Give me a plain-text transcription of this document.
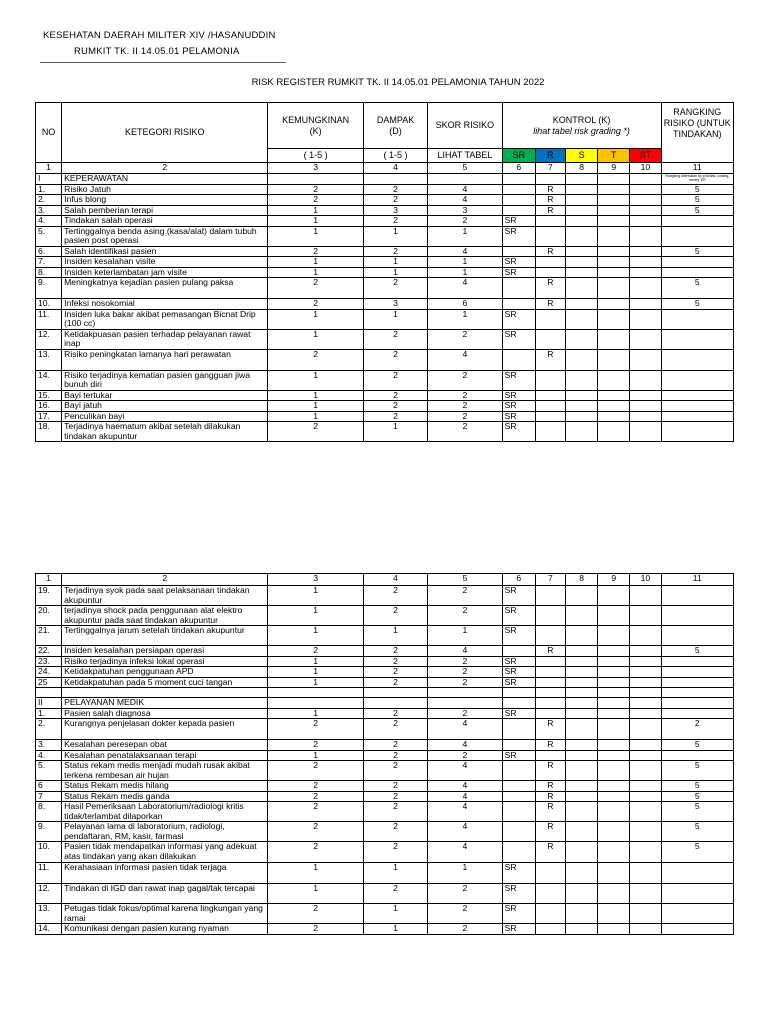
KESEHATAN DAERAH MILITER XIV /HASANUDDIN
RUMKIT TK. II 14.05.01 PELAMONIA
RISK REGISTER RUMKIT TK. II 14.05.01 PELAMONIA TAHUN 2022
NO	KETEGORI RISIKO	KEMUNGKINAN (K)	DAMPAK (D)	SKOR RISIKO	KONTROL (K)
lihat tabel risk grading *)					RANGKING RISIKO (UNTUK TINDAKAN)
		( 1-5 )	( 1-5 )	LIHAT TABEL	SR	R	S	T	ST	
1	2	3	4	5	6	7	8	9	10	11
I	KEPERAWATAN									Rangking ditentukan by prioritas: costing, money, ER
1.	Risiko Jatuh	2	2	4		R				5
2.	Infus blong	2	2	4		R				5
3.	Salah pemberian terapi	1	3	3		R				5
4.	Tindakan salah operasi	1	2	2	SR					
5.	Tertinggalnya benda asing (kasa/alat) dalam tubuh pasien post operasi	1	1	1	SR					
6.	Salah identifikasi pasien	2	2	4		R				5
7.	Insiden kesalahan visite	1	1	1	SR					
8.	Insiden keterlambatan jam visite	1	1	1	SR					
9.	Meningkatnya kejadian pasien pulang paksa	2	2	4		R				5
10.	Infeksi nosokomial	2	3	6		R				5
11.	Insiden luka bakar akibat pemasangan Bicnat Drip (100 cc)	1	1	1	SR					
12.	Ketidakpuasan pasien terhadap pelayanan rawat inap	1	2	2	SR					
13.	Risiko peningkatan lamanya hari perawatan	2	2	4		R				
14.	Risiko terjadinya kematian pasien gangguan jiwa bunuh diri	1	2	2	SR					
15.	Bayi tertukar	1	2	2	SR					
16.	Bayi jatuh	1	2	2	SR					
17.	Penculikan bayi	1	2	2	SR					
18.	Terjadinya haematum akibat setelah dilakukan tindakan akupuntur	2	1	2	SR					
1	2	3	4	5	6	7	8	9	10	11
19.	Terjadinya syok pada saat pelaksanaan tindakan akupuntur	1	2	2	SR					
20.	terjadinya shock pada penggunaan alat elektro akupuntur pada saat tindakan akupuntur	1	2	2	SR					
21.	Tertinggalnya jarum setelah tindakan akupuntur	1	1	1	SR					
22.	Insiden kesalahan persiapan operasi	2	2	4		R				5
23.	Risiko terjadinya infeksi lokal operasi	1	2	2	SR					
24.	Ketidakpatuhan penggunaan APD	1	2	2	SR					
25	Ketidakpatuhan pada 5 moment cuci tangan	1	2	2	SR					

II	PELAYANAN MEDIK									
1.	Pasien salah diagnosa	1	2	2	SR					
2.	Kurangnya penjelasan dokter kepada pasien	2	2	4		R				2
3.	Kesalahan peresepan obat	2	2	4		R				5
4.	Kesalahan penatalaksanaan terapi	1	2	2	SR					
5.	Status rekam medis menjadi mudah rusak akibat terkena rembesan air hujan	2	2	4		R				5
6	Status Rekam medis hilang	2	2	4		R				5
7	Status Rekam medis ganda	2	2	4		R				5
8.	Hasil Pemeriksaan Laboratorium/radiologi kritis tidak/terlambat dilaporkan	2	2	4		R				5
9.	Pelayanan lama di laboratorium, radiologi, pendaftaran, RM, kasir, farmasi	2	2	4		R				5
10.	Pasien tidak mendapatkan informasi yang adekuat atas tindakan yang akan dilakukan	2	2	4		R				5
11.	Kerahasiaan informasi pasien tidak terjaga	1	1	1	SR					
12.	Tindakan di IGD dan rawat inap gagal/tak tercapai	1	2	2	SR					
13.	Petugas tidak fokus/optimal karena lingkungan yang ramai	2	1	2	SR					
14.	Komunikasi dengan pasien kurang nyaman	2	1	2	SR					
